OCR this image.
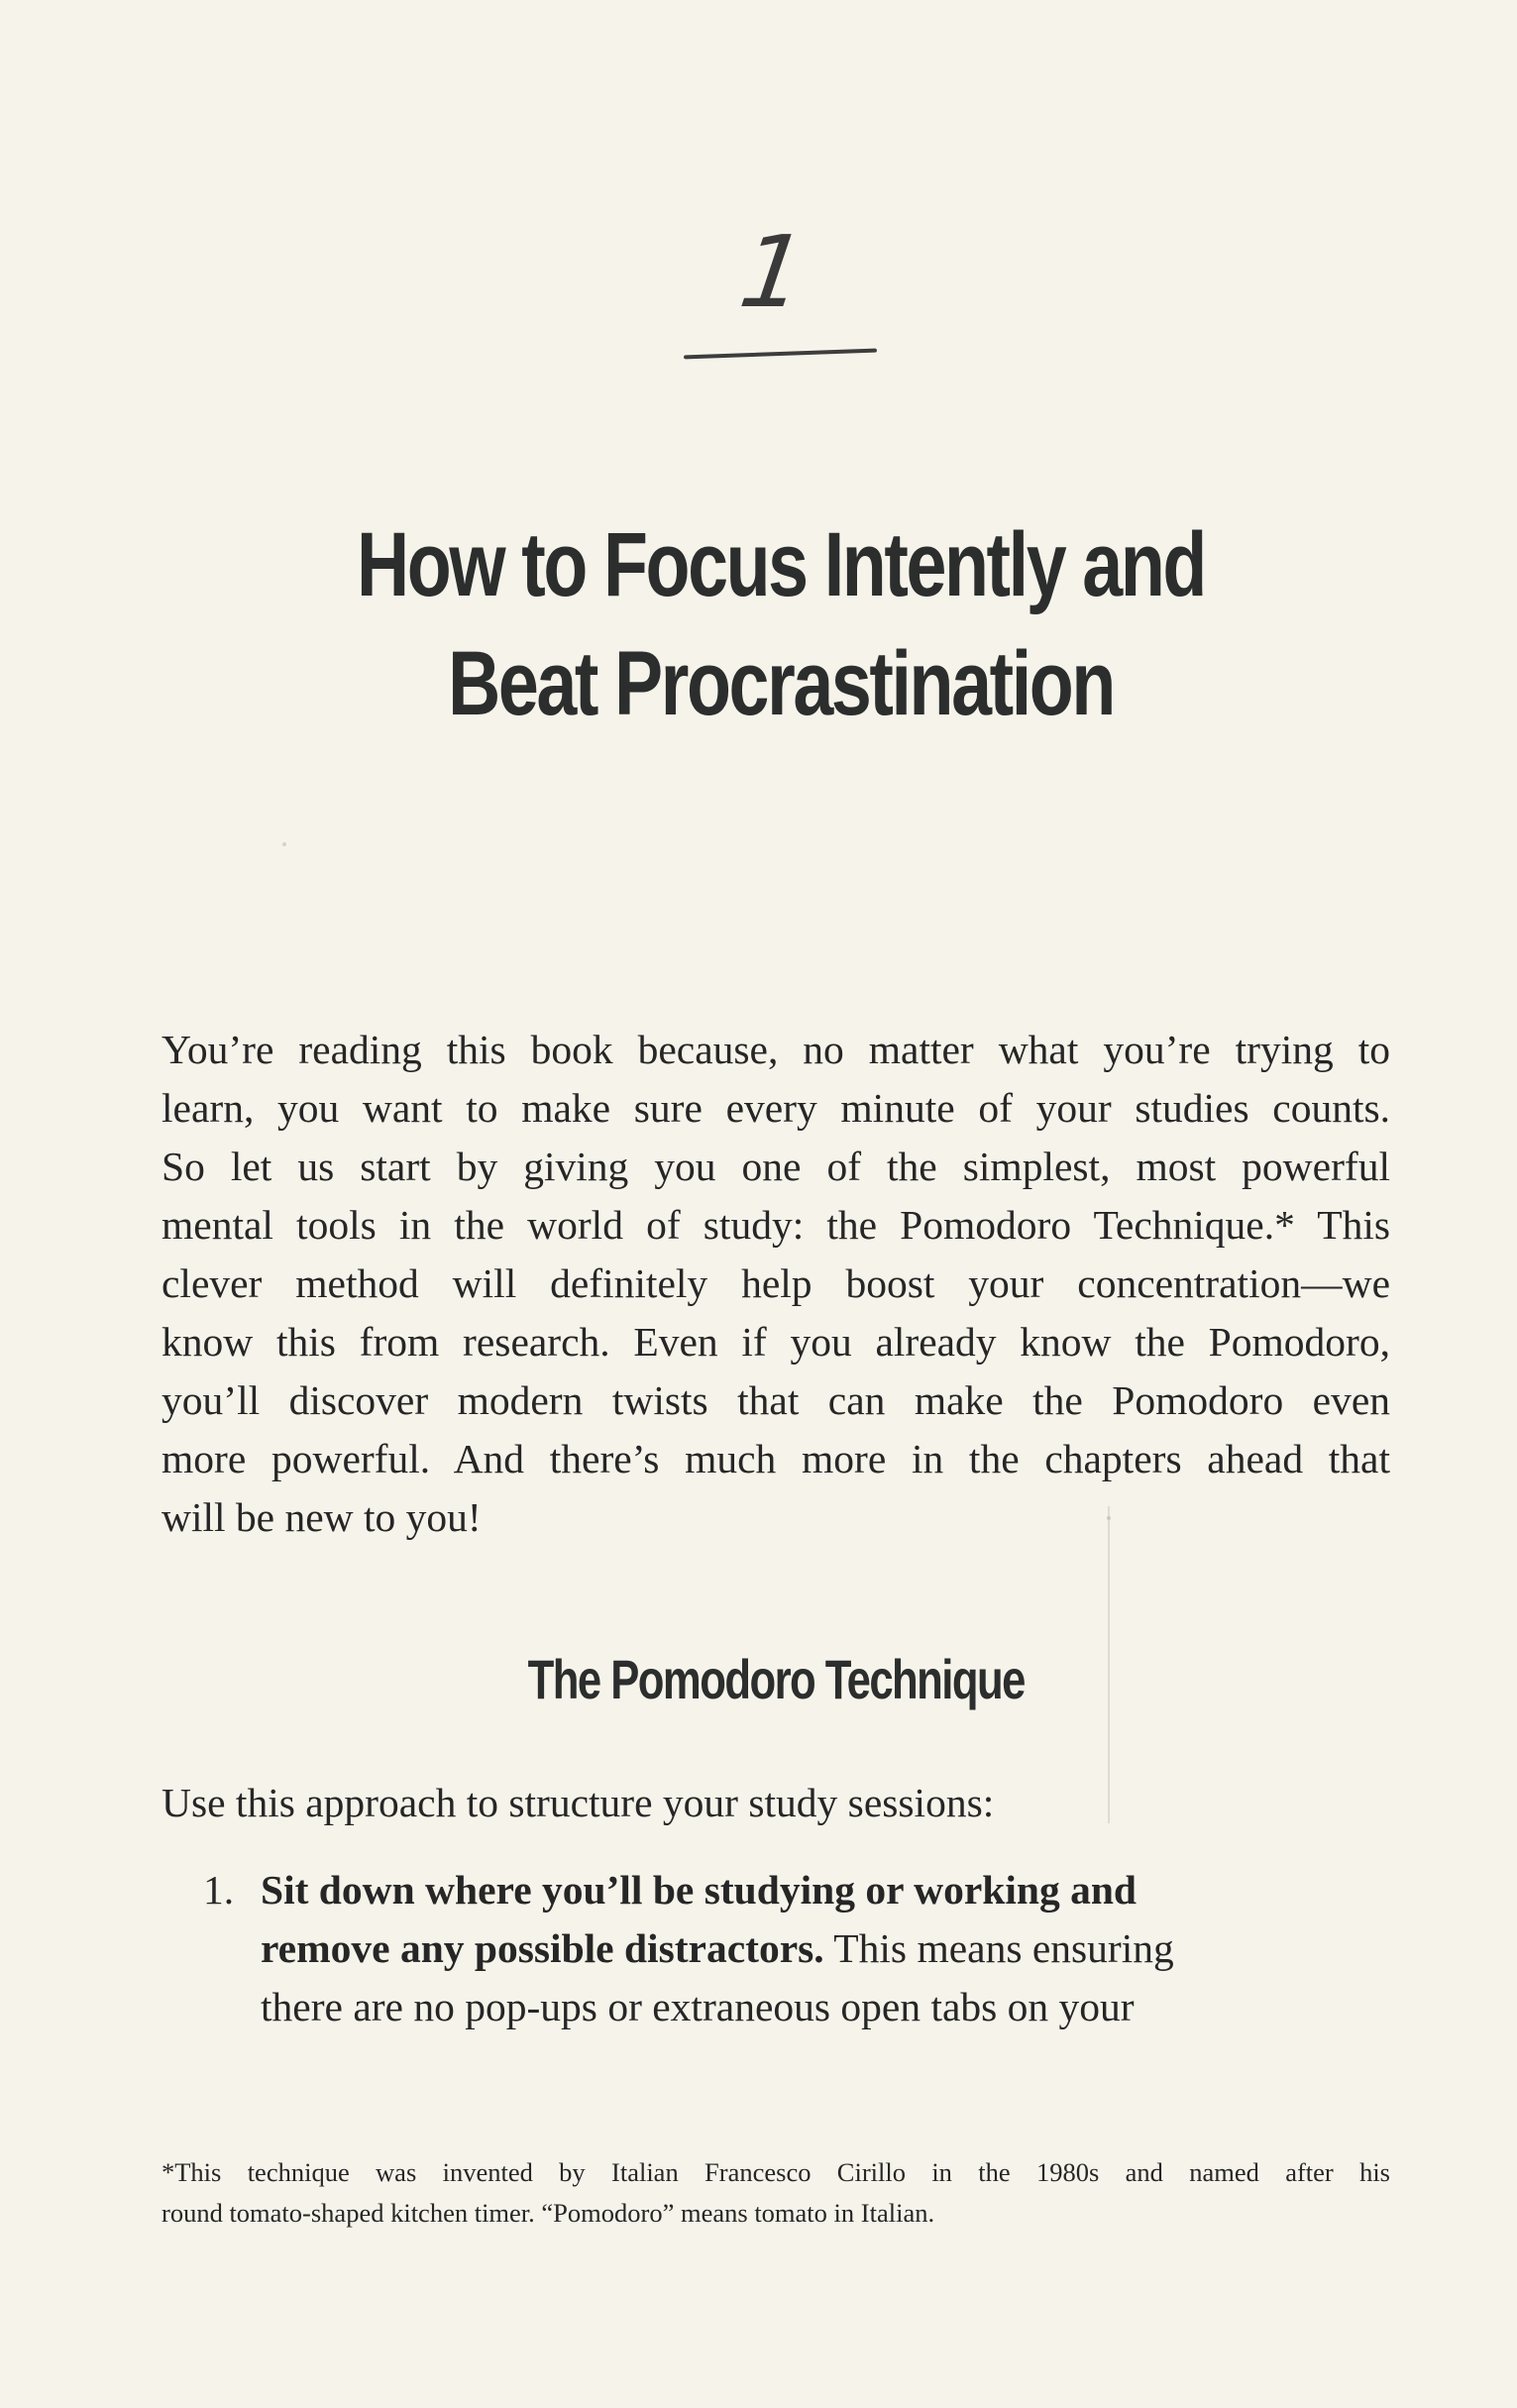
1
How to Focus Intently and
Beat Procrastination

You’re reading this book because, no matter what you’re trying to
learn, you want to make sure every minute of your studies counts.
So let us start by giving you one of the simplest, most powerful
mental tools in the world of study: the Pomodoro Technique.* This
clever method will definitely help boost your concentration—we
know this from research. Even if you already know the Pomodoro,
you’ll discover modern twists that can make the Pomodoro even
more powerful. And there’s much more in the chapters ahead that
will be new to you!

The Pomodoro Technique

Use this approach to structure your study sessions:

1. Sit down where you’ll be studying or working and
remove any possible distractors. This means ensuring
there are no pop-ups or extraneous open tabs on your

*This technique was invented by Italian Francesco Cirillo in the 1980s and named after his
round tomato-shaped kitchen timer. “Pomodoro” means tomato in Italian.
